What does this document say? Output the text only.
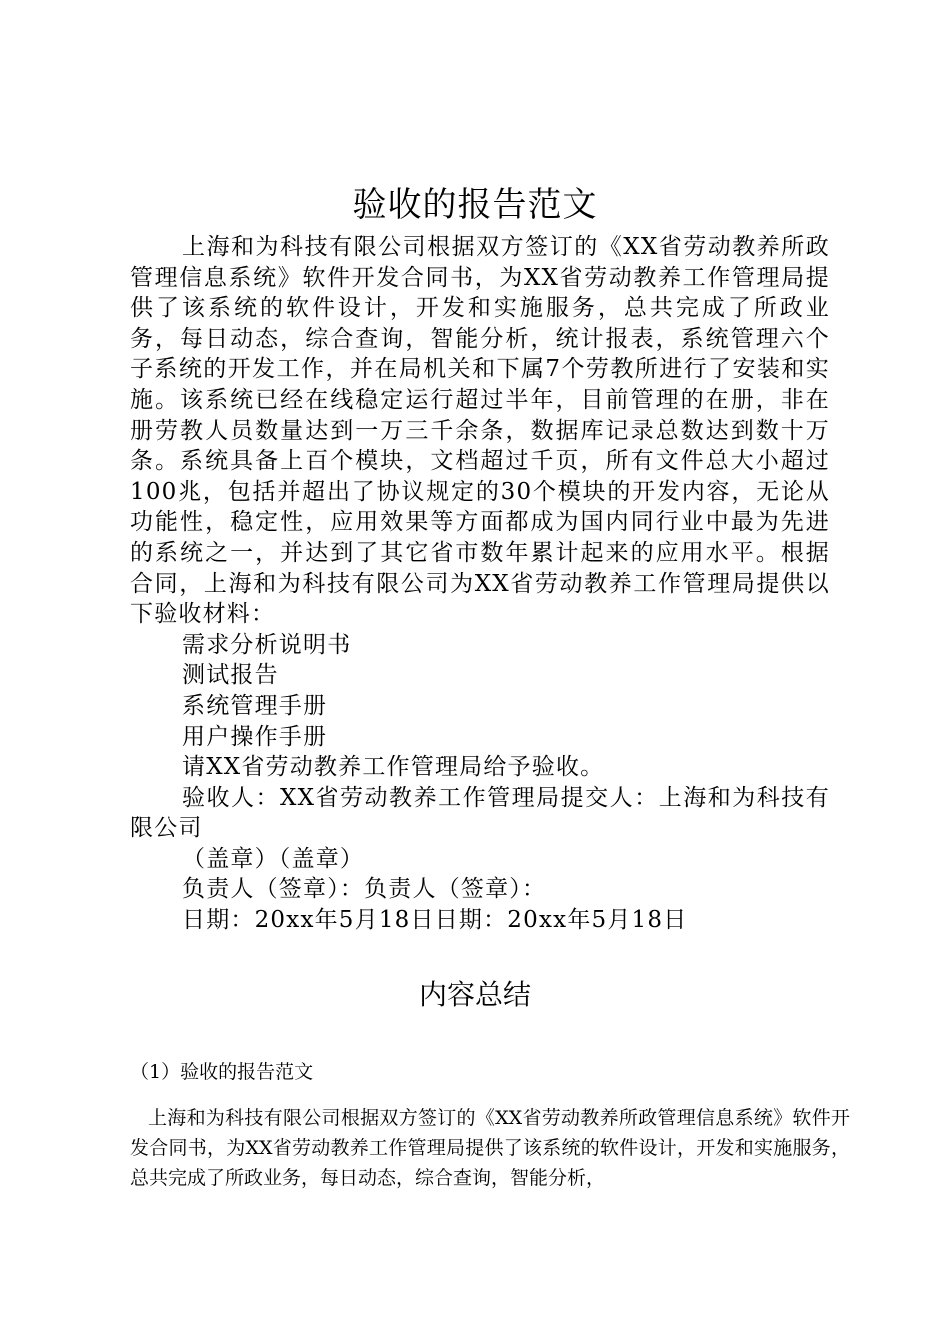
验收的报告范文

上海和为科技有限公司根据双方签订的《XX省劳动教养所政管理信息系统》软件开发合同书，为XX省劳动教养工作管理局提供了该系统的软件设计，开发和实施服务，总共完成了所政业务，每日动态，综合查询，智能分析，统计报表，系统管理六个子系统的开发工作，并在局机关和下属7个劳教所进行了安装和实施。该系统已经在线稳定运行超过半年，目前管理的在册，非在册劳教人员数量达到一万三千余条，数据库记录总数达到数十万条。系统具备上百个模块，文档超过千页，所有文件总大小超过100兆，包括并超出了协议规定的30个模块的开发内容，无论从功能性，稳定性，应用效果等方面都成为国内同行业中最为先进的系统之一，并达到了其它省市数年累计起来的应用水平。根据合同，上海和为科技有限公司为XX省劳动教养工作管理局提供以下验收材料：

需求分析说明书

测试报告

系统管理手册

用户操作手册

请XX省劳动教养工作管理局给予验收。

验收人：XX省劳动教养工作管理局提交人：上海和为科技有限公司

（盖章）（盖章）

负责人（签章）：负责人（签章）：

日期：20xx年5月18日日期：20xx年5月18日

内容总结

（1）验收的报告范文

上海和为科技有限公司根据双方签订的《XX省劳动教养所政管理信息系统》软件开发合同书，为XX省劳动教养工作管理局提供了该系统的软件设计，开发和实施服务，总共完成了所政业务，每日动态，综合查询，智能分析，
